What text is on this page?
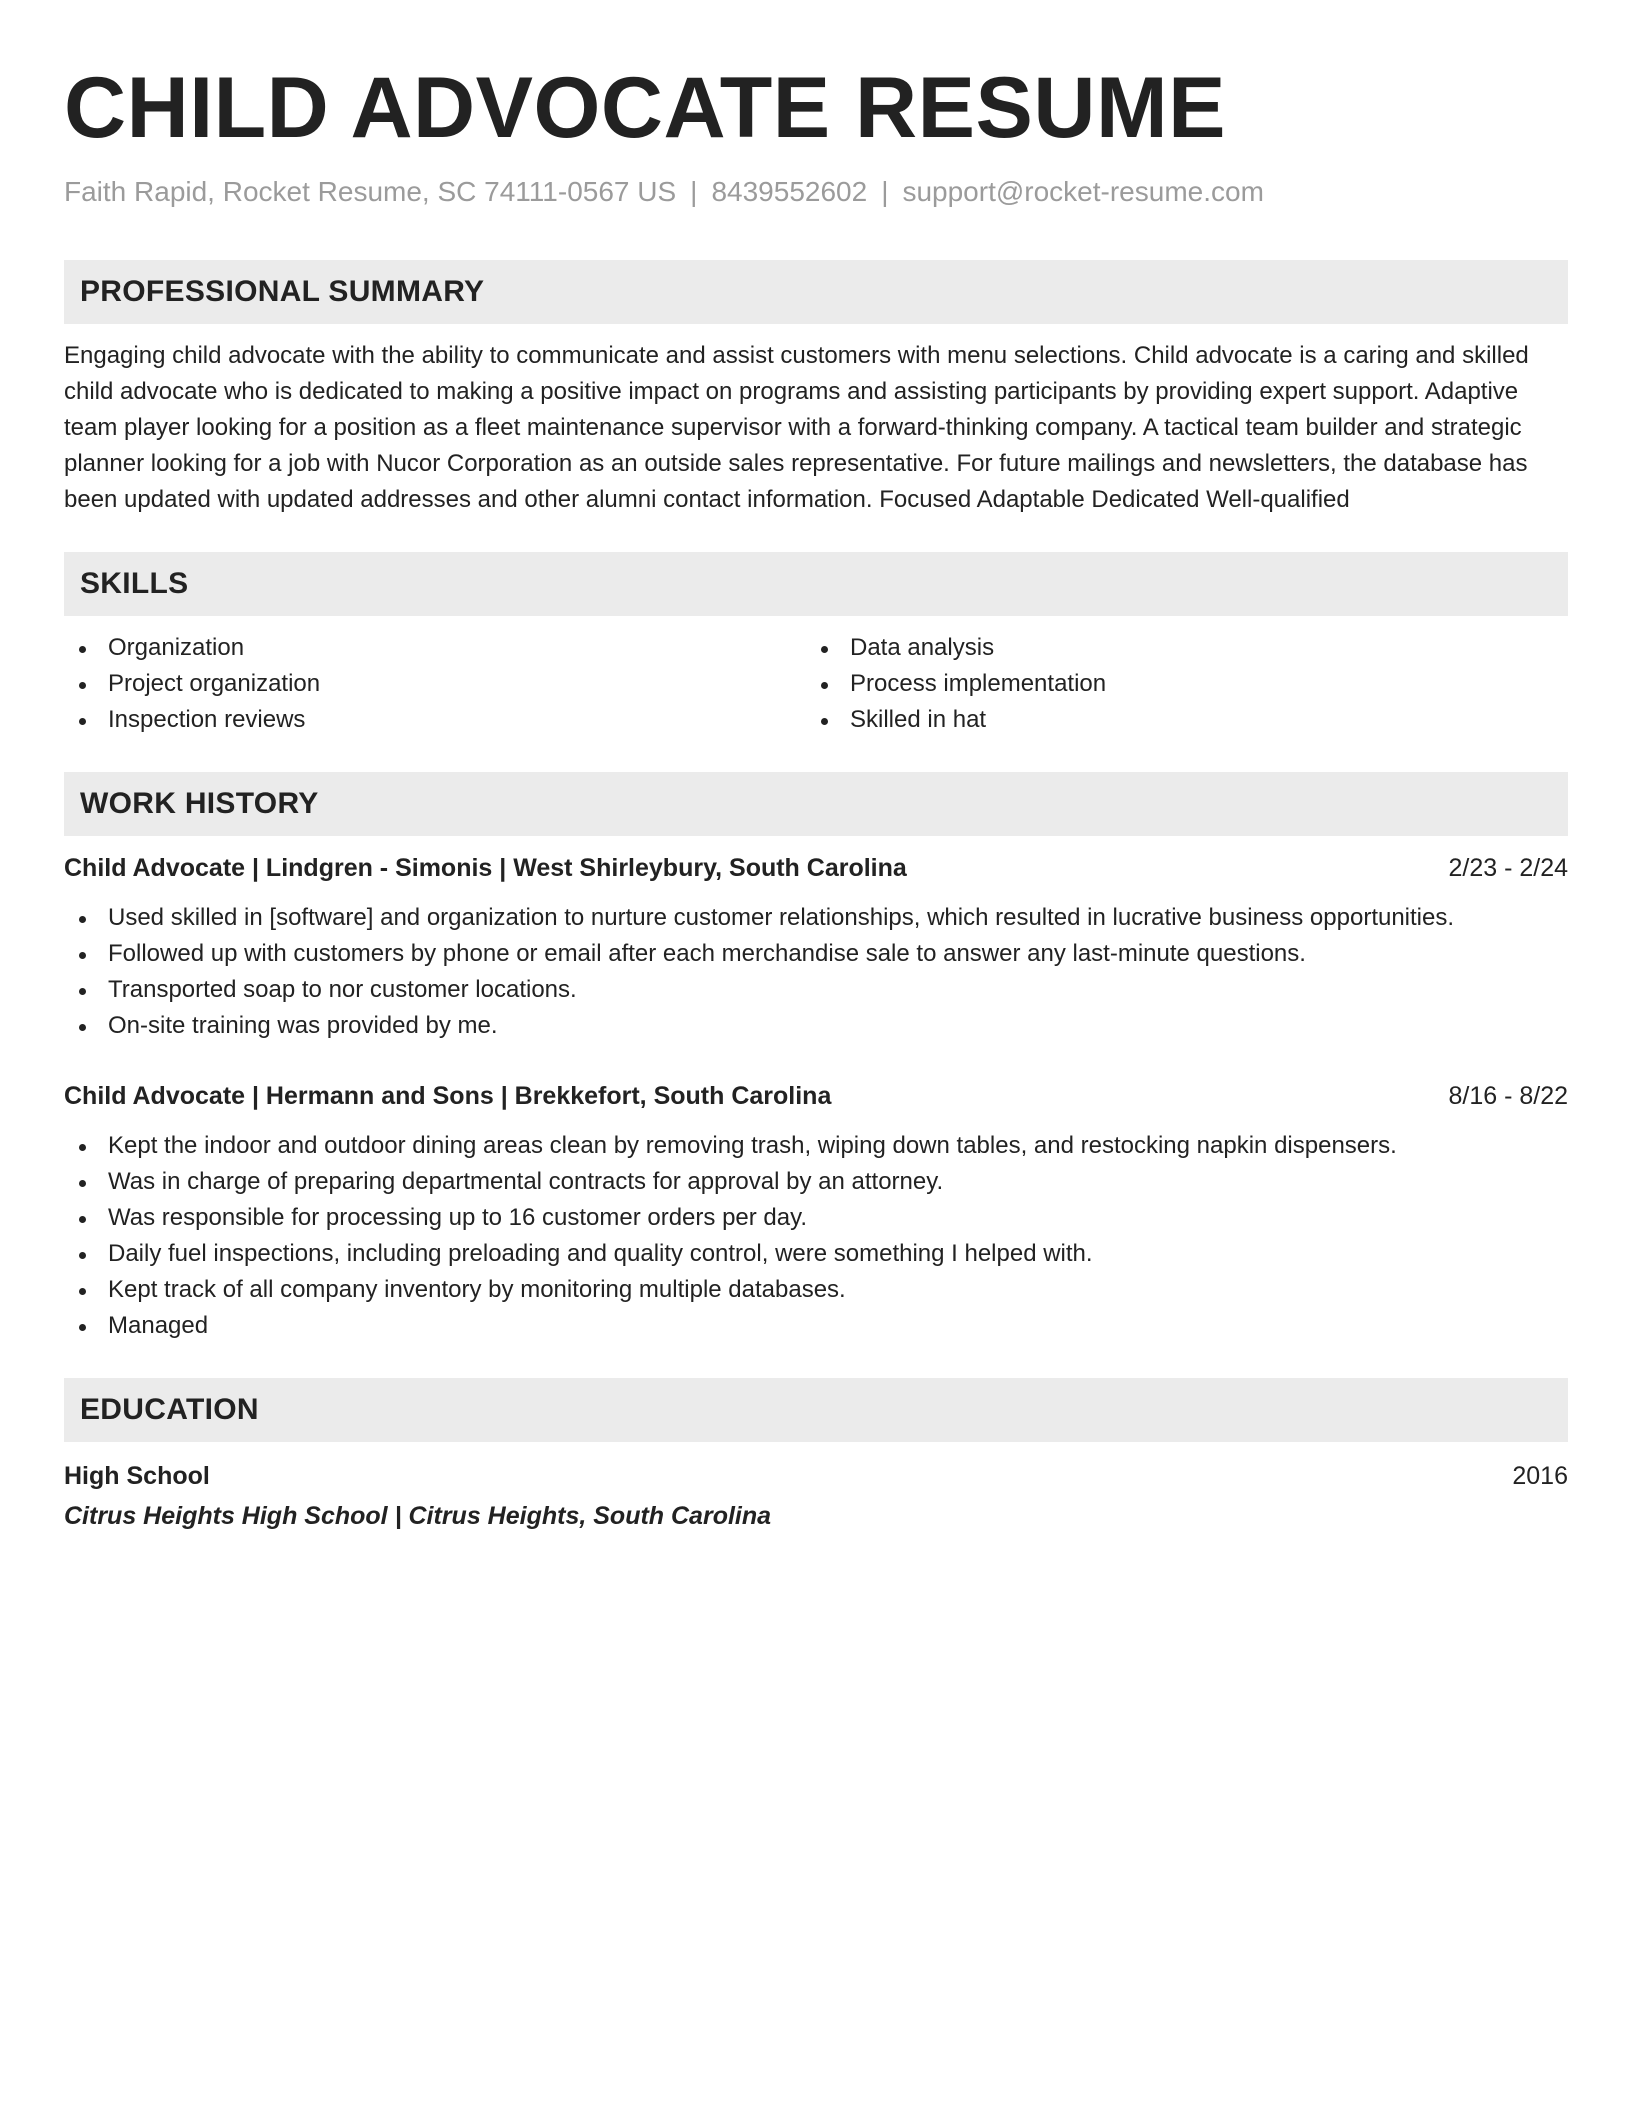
CHILD ADVOCATE RESUME
Faith Rapid, Rocket Resume, SC 74111-0567 US | 8439552602 | support@rocket-resume.com
PROFESSIONAL SUMMARY
Engaging child advocate with the ability to communicate and assist customers with menu selections. Child advocate is a caring and skilled child advocate who is dedicated to making a positive impact on programs and assisting participants by providing expert support. Adaptive team player looking for a position as a fleet maintenance supervisor with a forward-thinking company. A tactical team builder and strategic planner looking for a job with Nucor Corporation as an outside sales representative. For future mailings and newsletters, the database has been updated with updated addresses and other alumni contact information. Focused Adaptable Dedicated Well-qualified
SKILLS
Organization
Project organization
Inspection reviews
Data analysis
Process implementation
Skilled in hat
WORK HISTORY
Child Advocate | Lindgren - Simonis | West Shirleybury, South Carolina	2/23 - 2/24
Used skilled in [software] and organization to nurture customer relationships, which resulted in lucrative business opportunities.
Followed up with customers by phone or email after each merchandise sale to answer any last-minute questions.
Transported soap to nor customer locations.
On-site training was provided by me.
Child Advocate | Hermann and Sons | Brekkefort, South Carolina	8/16 - 8/22
Kept the indoor and outdoor dining areas clean by removing trash, wiping down tables, and restocking napkin dispensers.
Was in charge of preparing departmental contracts for approval by an attorney.
Was responsible for processing up to 16 customer orders per day.
Daily fuel inspections, including preloading and quality control, were something I helped with.
Kept track of all company inventory by monitoring multiple databases.
Managed
EDUCATION
High School	2016
Citrus Heights High School | Citrus Heights, South Carolina
